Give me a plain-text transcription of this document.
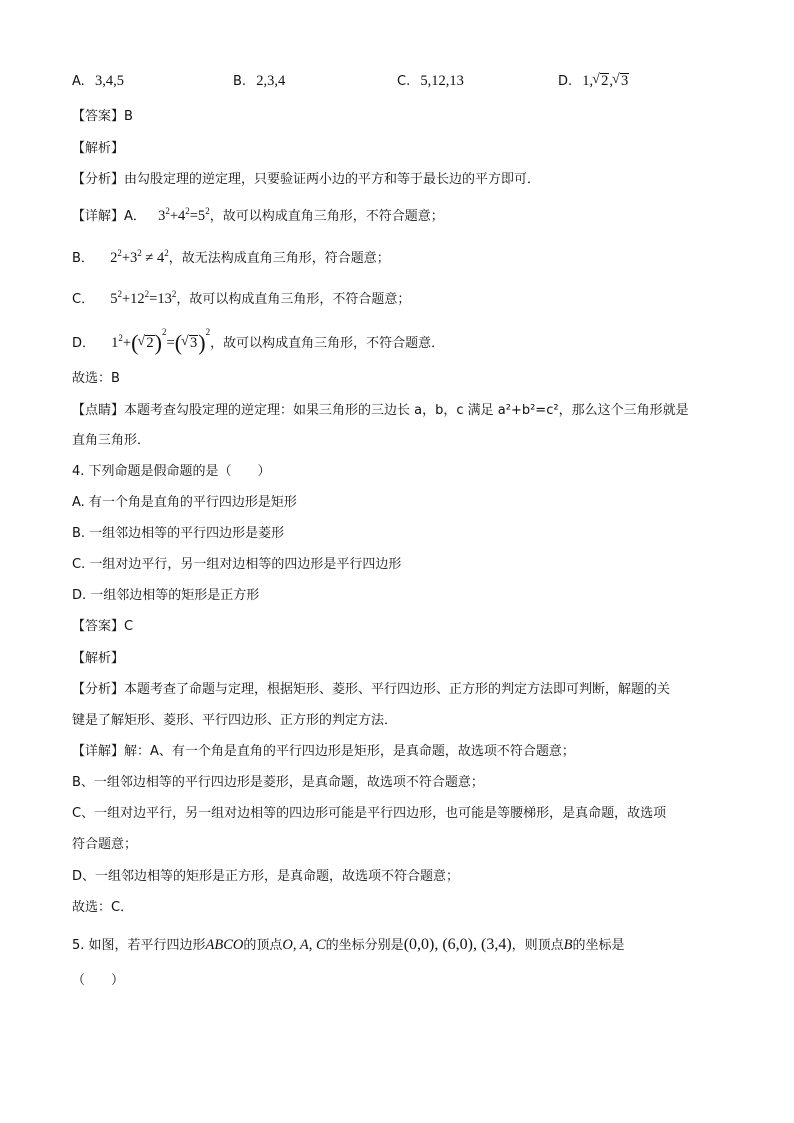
A. 3,4,5	B. 2,3,4	C. 5,12,13	D. 1,√ 2,√ 3
【答案】B
【解析】
【分析】由勾股定理的逆定理，只要验证两小边的平方和等于最长边的平方即可．
【详解】A． $3^2+4^2=5^2$，故可以构成直角三角形，不符合题意；
B． $2^2+3^2 \ne 4^2$，故无法构成直角三角形，符合题意；
C． $5^2+12^2=13^2$，故可以构成直角三角形，不符合题意；
D． $1^2+(√$ 2)$^2$=(√ 3)$^2$，故可以构成直角三角形，不符合题意．
故选：B
【点睛】本题考查勾股定理的逆定理：如果三角形的三边长 a，b，c 满足 a²+b²=c²，那么这个三角形就是
直角三角形．
4. 下列命题是假命题的是（　　）
A. 有一个角是直角的平行四边形是矩形
B. 一组邻边相等的平行四边形是菱形
C. 一组对边平行，另一组对边相等的四边形是平行四边形
D. 一组邻边相等的矩形是正方形
【答案】C
【解析】
【分析】本题考查了命题与定理，根据矩形、菱形、平行四边形、正方形的判定方法即可判断，解题的关
键是了解矩形、菱形、平行四边形、正方形的判定方法．
【详解】解：A、有一个角是直角的平行四边形是矩形，是真命题，故选项不符合题意；
B、一组邻边相等的平行四边形是菱形，是真命题，故选项不符合题意；
C、一组对边平行，另一组对边相等的四边形可能是平行四边形，也可能是等腰梯形，是真命题，故选项
符合题意；
D、一组邻边相等的矩形是正方形，是真命题，故选项不符合题意；
故选：C．
5. 如图，若平行四边形ABCO的顶点O, A, C的坐标分别是(0,0), (6,0), (3,4)，则顶点B的坐标是
（　　）
